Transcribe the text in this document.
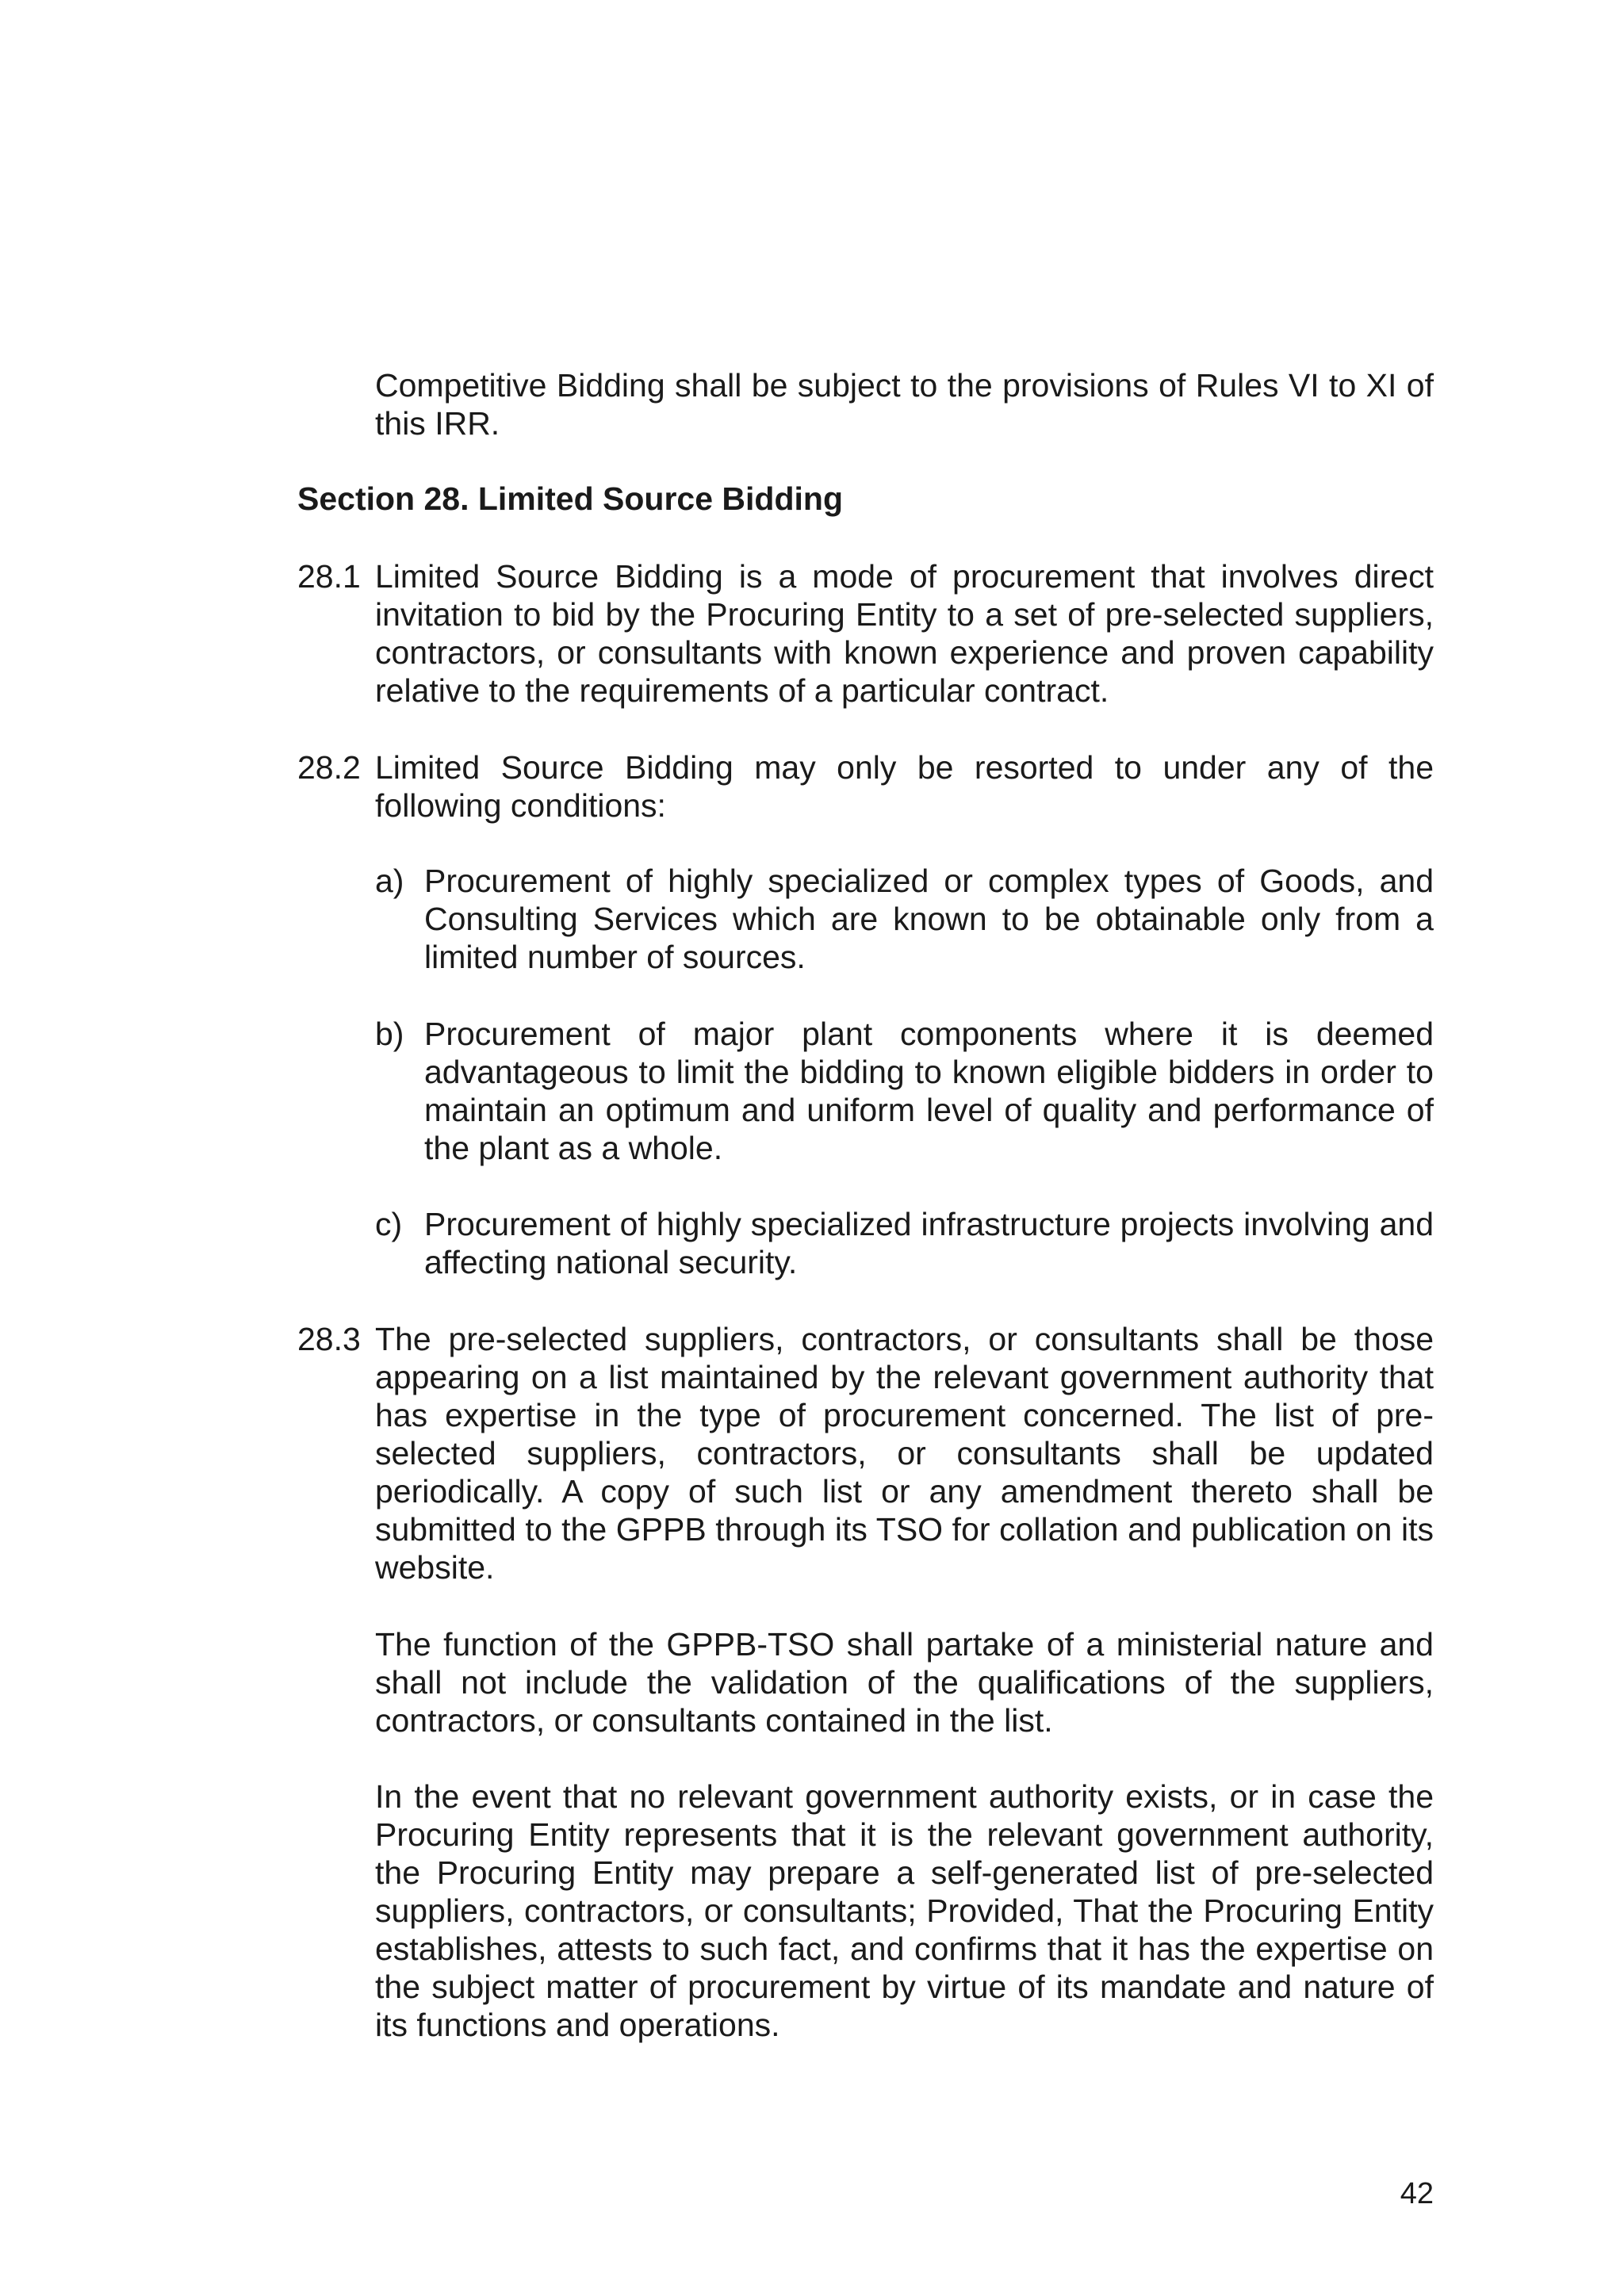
Competitive Bidding shall be subject to the provisions of Rules VI to XI of this IRR.
Section 28. Limited Source Bidding
28.1 Limited Source Bidding is a mode of procurement that involves direct invitation to bid by the Procuring Entity to a set of pre-selected suppliers, contractors, or consultants with known experience and proven capability relative to the requirements of a particular contract.
28.2 Limited Source Bidding may only be resorted to under any of the following conditions:
a) Procurement of highly specialized or complex types of Goods, and Consulting Services which are known to be obtainable only from a limited number of sources.
b) Procurement of major plant components where it is deemed advantageous to limit the bidding to known eligible bidders in order to maintain an optimum and uniform level of quality and performance of the plant as a whole.
c) Procurement of highly specialized infrastructure projects involving and affecting national security.
28.3 The pre-selected suppliers, contractors, or consultants shall be those appearing on a list maintained by the relevant government authority that has expertise in the type of procurement concerned. The list of pre-selected suppliers, contractors, or consultants shall be updated periodically. A copy of such list or any amendment thereto shall be submitted to the GPPB through its TSO for collation and publication on its website.
The function of the GPPB-TSO shall partake of a ministerial nature and shall not include the validation of the qualifications of the suppliers, contractors, or consultants contained in the list.
In the event that no relevant government authority exists, or in case the Procuring Entity represents that it is the relevant government authority, the Procuring Entity may prepare a self-generated list of pre-selected suppliers, contractors, or consultants; Provided, That the Procuring Entity establishes, attests to such fact, and confirms that it has the expertise on the subject matter of procurement by virtue of its mandate and nature of its functions and operations.
42
